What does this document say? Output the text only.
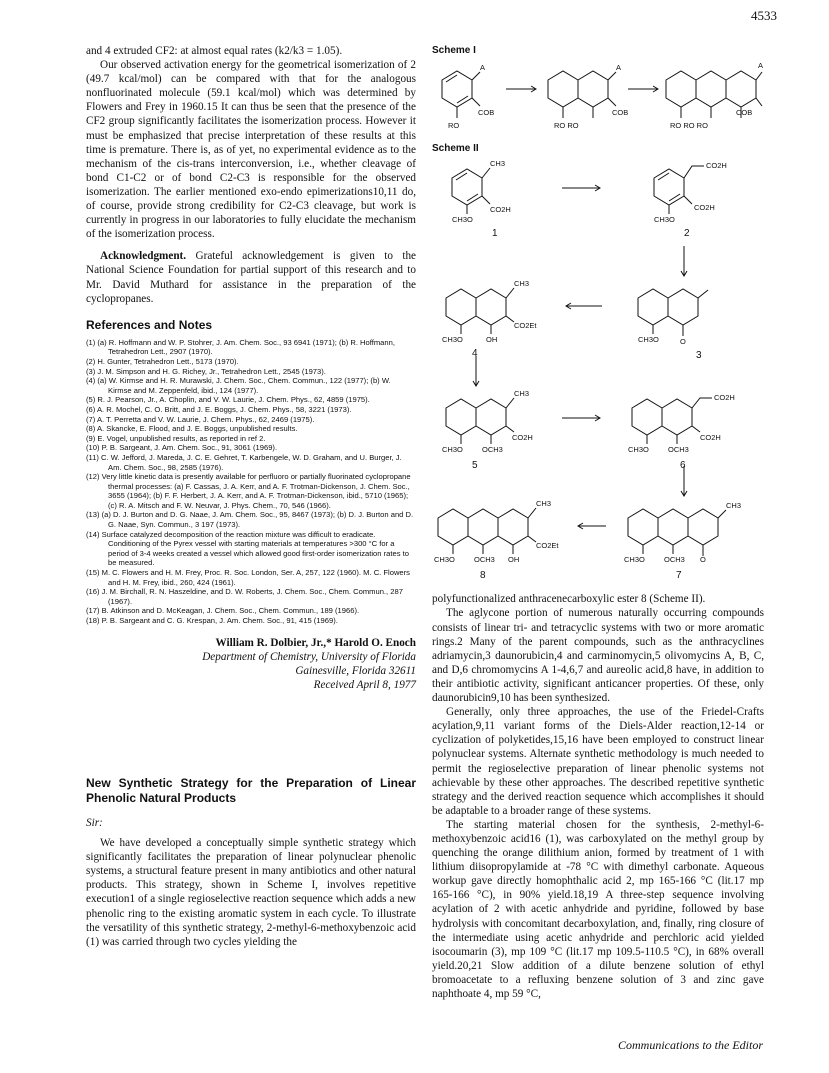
4533

and 4 extruded CF2: at almost equal rates (k2/k3 = 1.05).

Our observed activation energy for the geometrical isomerization of 2 (49.7 kcal/mol) can be compared with that for the analogous nonfluorinated molecule (59.1 kcal/mol) which was determined by Flowers and Frey in 1960.15 It can thus be seen that the presence of the CF2 group significantly facilitates the isomerization process. However it must be emphasized that precise interpretation of these results at this time is premature. There is, as of yet, no experimental evidence as to the mechanism of the cis-trans interconversion, i.e., whether cleavage of bond C1-C2 or of bond C2-C3 is responsible for the observed isomerization. The earlier mentioned exo-endo epimerizations10,11 do, of course, provide strong credibility for C2-C3 cleavage, but work is currently in progress in our laboratories to fully elucidate the mechanism of the isomerization process.

Acknowledgment. Grateful acknowledgement is given to the National Science Foundation for partial support of this research and to Mr. David Muthard for assistance in the preparation of the cyclopropanes.

References and Notes
(1) (a) R. Hoffmann and W. P. Stohrer, J. Am. Chem. Soc., 93 6941 (1971); (b) R. Hoffmann, Tetrahedron Lett., 2907 (1970).
(2) H. Gunter, Tetrahedron Lett., 5173 (1970).
(3) J. M. Simpson and H. G. Richey, Jr., Tetrahedron Lett., 2545 (1973).
(4) (a) W. Kirmse and H. R. Murawski, J. Chem. Soc., Chem. Commun., 122 (1977); (b) W. Kirmse and M. Zeppenfeld, ibid., 124 (1977).
(5) R. J. Pearson, Jr., A. Choplin, and V. W. Laurie, J. Chem. Phys., 62, 4859 (1975).
(6) A. R. Mochel, C. O. Britt, and J. E. Boggs, J. Chem. Phys., 58, 3221 (1973).
(7) A. T. Perretta and V. W. Laurie, J. Chem. Phys., 62, 2469 (1975).
(8) A. Skancke, E. Flood, and J. E. Boggs, unpublished results.
(9) E. Vogel, unpublished results, as reported in ref 2.
(10) P. B. Sargeant, J. Am. Chem. Soc., 91, 3061 (1969).
(11) C. W. Jefford, J. Mareda, J. C. E. Gehret, T. Karbengele, W. D. Graham, and U. Burger, J. Am. Chem. Soc., 98, 2585 (1976).
(12) Very little kinetic data is presently available for perfluoro or partially fluorinated cyclopropane thermal processes: (a) F. Cassas, J. A. Kerr, and A. F. Trotman-Dickenson, J. Chem. Soc., 3655 (1964); (b) F. F. Herbert, J. A. Kerr, and A. F. Trotman-Dickenson, ibid., 5710 (1965); (c) R. A. Mitsch and F. W. Neuvar, J. Phys. Chem., 70, 546 (1966).
(13) (a) D. J. Burton and D. G. Naae, J. Am. Chem. Soc., 95, 8467 (1973); (b) D. J. Burton and D. G. Naae, Syn. Commun., 3 197 (1973).
(14) Surface catalyzed decomposition of the reaction mixture was difficult to eradicate. Conditioning of the Pyrex vessel with starting materials at temperatures >300 °C for a period of 3-4 weeks created a vessel which allowed good first-order isomerization rates to be measured.
(15) M. C. Flowers and H. M. Frey, Proc. R. Soc. London, Ser. A, 257, 122 (1960). M. C. Flowers and H. M. Frey, ibid., 260, 424 (1961).
(16) J. M. Birchall, R. N. Haszeldine, and D. W. Roberts, J. Chem. Soc., Chem. Commun., 287 (1967).
(17) B. Atkinson and D. McKeagan, J. Chem. Soc., Chem. Commun., 189 (1966).
(18) P. B. Sargeant and C. G. Krespan, J. Am. Chem. Soc., 91, 415 (1969).
William R. Dolbier, Jr.,* Harold O. Enoch
Department of Chemistry, University of Florida
Gainesville, Florida 32611
Received April 8, 1977
New Synthetic Strategy for the Preparation of Linear Phenolic Natural Products
Sir:

We have developed a conceptually simple synthetic strategy which significantly facilitates the preparation of linear polynuclear phenolic systems, a structural feature present in many antibiotics and other natural products. This strategy, shown in Scheme I, involves repetitive execution1 of a single regioselective reaction sequence which adds a new phenolic ring to the existing aromatic system in each cycle. To illustrate the versatility of this synthetic strategy, 2-methyl-6-methoxybenzoic acid (1) was carried through two cycles yielding the

Scheme I
A
COB
RO
A
COB
RO RO
A
COB
RO RO RO
Scheme II
CH3
CO2H
CH3O
1
CO2H
CO2H
CH3O
2
CH3O	O
3
CH3
CO2Et
CH3O	OH
4
CH3
CO2H
CH3O	OCH3
5
CO2H
CO2H
CH3O	OCH3
6
CH3
CH3O	OCH3 O
7
CH3
CO2Et
CH3O	OCH3 OH
8

polyfunctionalized anthracenecarboxylic ester 8 (Scheme II).

The aglycone portion of numerous naturally occurring compounds consists of linear tri- and tetracyclic systems with two or more aromatic rings.2 Many of the parent compounds, such as the anthracyclines adriamycin,3 daunorubicin,4 and carminomycin,5 olivomycins A, B, C, and D,6 chromomycins A 1-4,6,7 and aureolic acid,8 have, in addition to their antibiotic activity, significant anticancer properties. Of these, only daunorubicin9,10 has been synthesized.

Generally, only three approaches, the use of the Friedel-Crafts acylation,9,11 variant forms of the Diels-Alder reaction,12-14 or cyclization of polyketides,15,16 have been employed to construct linear polynuclear systems. Alternate synthetic methodology is much needed to permit the regioselective preparation of linear phenolic systems not achievable by these other approaches. The described repetitive synthetic strategy and the derived reaction sequence which accomplishes it should be adaptable to a broader range of these systems.

The starting material chosen for the synthesis, 2-methyl-6-methoxybenzoic acid16 (1), was carboxylated on the methyl group by quenching the orange dilithium anion, formed by treatment of 1 with lithium diisopropylamide at -78 °C with dimethyl carbonate. Aqueous workup gave directly homophthalic acid 2, mp 165-166 °C (lit.17 mp 165-166 °C), in 90% yield.18,19 A three-step sequence involving acylation of 2 with acetic anhydride and pyridine, followed by base hydrolysis with concomitant decarboxylation, and, finally, ring closure of the intermediate using acetic anhydride and perchloric acid yielded isocoumarin (3), mp 109 °C (lit.17 mp 109.5-110.5 °C), in 68% overall yield.20,21 Slow addition of a dilute benzene solution of ethyl bromoacetate to a refluxing benzene solution of 3 and zinc gave naphthoate 4, mp 59 °C,

Communications to the Editor
